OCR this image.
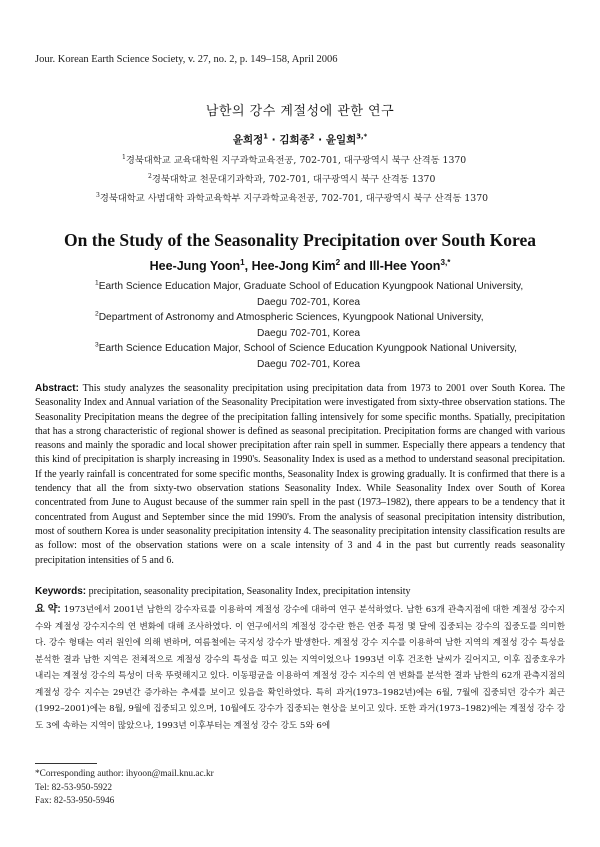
Jour. Korean Earth Science Society, v. 27, no. 2, p. 149–158, April 2006
남한의 강수 계절성에 관한 연구
윤희정$^1$ · 김희종$^2$ · 윤일희$^{3,*}$
$^1$경북대학교 교육대학원 지구과학교육전공, 702-701, 대구광역시 북구 산격동 1370
$^2$경북대학교 천문대기과학과, 702-701, 대구광역시 북구 산격동 1370
$^3$경북대학교 사범대학 과학교육학부 지구과학교육전공, 702-701, 대구광역시 북구 산격동 1370
On the Study of the Seasonality Precipitation over South Korea
Hee-Jung Yoon$^1$, Hee-Jong Kim$^2$ and Ill-Hee Yoon$^{3,*}$
$^1$Earth Science Education Major, Graduate School of Education Kyungpook National University,
Daegu 702-701, Korea
$^2$Department of Astronomy and Atmospheric Sciences, Kyungpook National University,
Daegu 702-701, Korea
$^3$Earth Science Education Major, School of Science Education Kyungpook National University,
Daegu 702-701, Korea
Abstract: This study analyzes the seasonality precipitation using precipitation data from 1973 to 2001 over South Korea. The Seasonality Index and Annual variation of the Seasonality Precipitation were investigated from sixty-three observation stations. The Seasonality Precipitation means the degree of the precipitation falling intensively for some specific months. Spatially, precipitation that has a strong characteristic of regional shower is defined as seasonal precipitation. Precipitation forms are changed with various reasons and mainly the sporadic and local shower precipitation after rain spell in summer. Especially there appears a tendency that this kind of precipitation is sharply increasing in 1990's. Seasonality Index is used as a method to understand seasonal precipitation. If the yearly rainfall is concentrated for some specific months, Seasonality Index is growing gradually. It is confirmed that there is a tendency that all the from sixty-two observation stations Seasonality Index. While Seasonality Index over South of Korea concentrated from June to August because of the summer rain spell in the past (1973–1982), there appears to be a tendency that it concentrated from August and September since the mid 1990's. From the analysis of seasonal precipitation intensity distribution, most of southern Korea is under seasonality precipitation intensity 4. The seasonality precipitation intensity classification results are as follow: most of the observation stations were on a scale intensity of 3 and 4 in the past but currently reads seasonality precipitation intensities of 5 and 6.
Keywords: precipitation, seasonality precipitation, Seasonality Index, precipitation intensity
요 약: 1973년에서 2001년 남한의 강수자료를 이용하여 계절성 강수에 대하여 연구 분석하였다. 남한 63개 관측지점에 대한 계절성 강수지수와 계절성 강수지수의 연 변화에 대해 조사하였다. 이 연구에서의 계절성 강수란 한은 연중 특정 몇 달에 집중되는 강수의 집중도를 의미한다. 강수 형태는 여러 원인에 의해 변하며, 여름철에는 국지성 강수가 발생한다. 계절성 강수 지수를 이용하여 남한 지역의 계절성 강수 특성을 분석한 결과 남한 지역은 전체적으로 계절성 강수의 특성을 띠고 있는 지역이었으나 1993년 이후 건조한 날씨가 길어지고, 이후 집중호우가 내리는 계절성 강수의 특성이 더욱 뚜렷해지고 있다. 이동평균을 이용하여 계절성 강수 지수의 연 변화를 분석한 결과 남한의 62개 관측지점의 계절성 강수 지수는 29년간 증가하는 추세를 보이고 있음을 확인하였다. 특히 과거(1973–1982년)에는 6월, 7월에 집중되던 강수가 최근(1992–2001)에는 8월, 9월에 집중되고 있으며, 10월에도 강수가 집중되는 현상을 보이고 있다. 또한 과거(1973–1982)에는 계절성 강수 강도 3에 속하는 지역이 많았으나, 1993년 이후부터는 계절성 강수 강도 5와 6에
*Corresponding author: ihyoon@mail.knu.ac.kr
Tel: 82-53-950-5922
Fax: 82-53-950-5946
